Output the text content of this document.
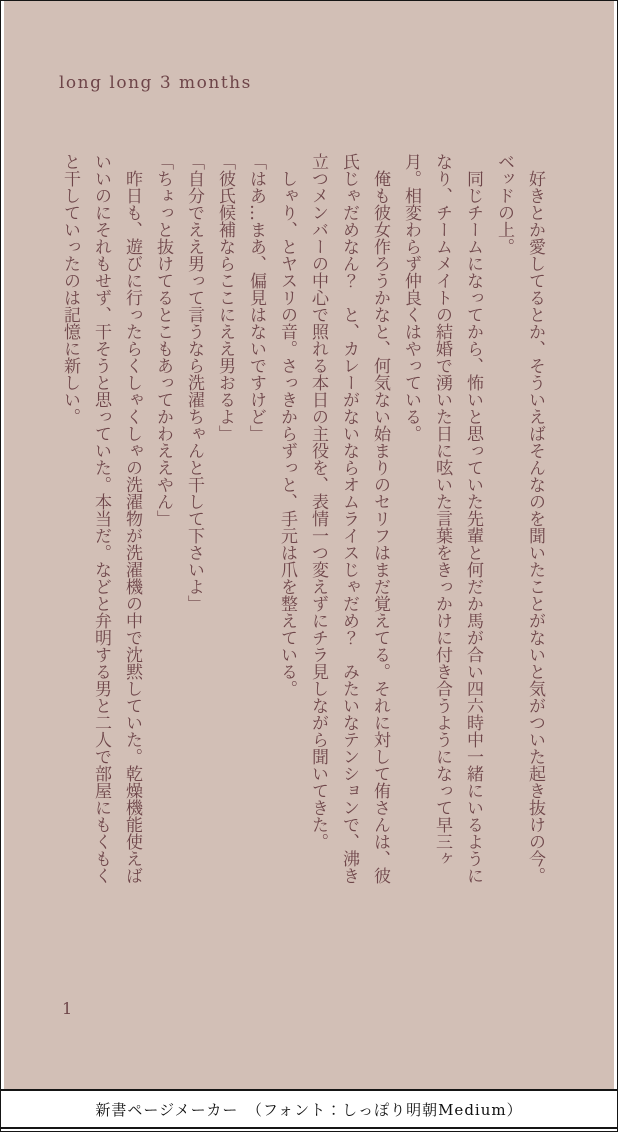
long long 3 months

　好きとか愛してるとか、そういえばそんなのを聞いたことがないと気がついた起き抜けの今。

ベッドの上。

　同じチームになってから、怖いと思っていた先輩と何だか馬が合い四六時中一緒にいるようになり、チームメイトの結婚で湧いた日に呟いた言葉をきっかけに付き合うようになって早三ヶ月。相変わらず仲良くはやっている。

　俺も彼女作ろうかなと、何気ない始まりのセリフはまだ覚えてる。それに対して侑さんは、彼氏じゃだめなん？　と、カレーがないならオムライスじゃだめ？　みたいなテンションで、沸き立つメンバーの中心で照れる本日の主役を、表情一つ変えずにチラ見しながら聞いてきた。

　しゃり、とヤスリの音。さっきからずっと、手元は爪を整えている。

「はあ…まあ、偏見はないですけど」

「彼氏候補ならここにええ男おるよ」

「自分でええ男って言うなら洗濯ちゃんと干して下さいよ」

「ちょっと抜けてるとこもあってかわええやん」

　昨日も、遊びに行ったらくしゃくしゃの洗濯物が洗濯機の中で沈黙していた。乾燥機能使えばいいのにそれもせず、干そうと思っていた。本当だ。などと弁明する男と二人で部屋にもくもくと干していったのは記憶に新しい。

1
新書ページメーカー　（フォント：しっぽり明朝Medium）
